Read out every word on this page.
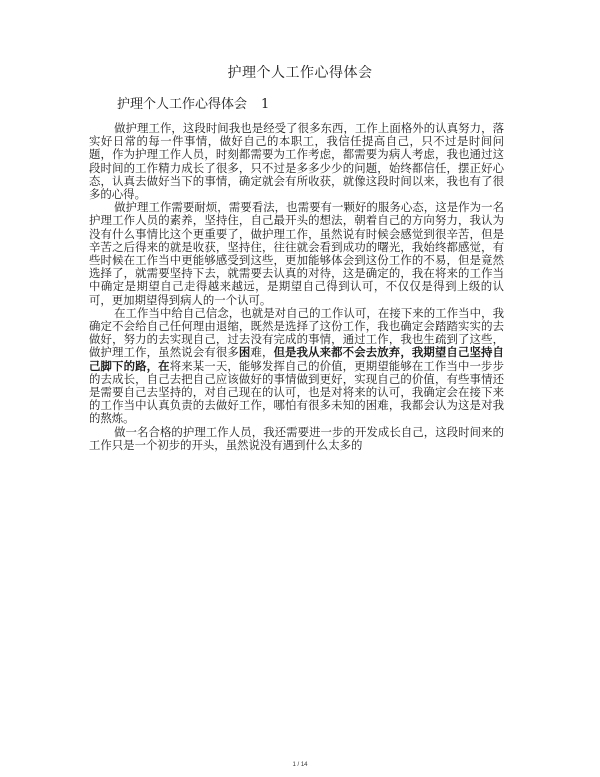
护理个人工作心得体会
护理个人工作心得体会 1

做护理工作，这段时间我也是经受了很多东西，工作上面格外的认真努力，落实好日常的每一件事情，做好自己的本职工，我信任提高自己，只不过是时间问题，作为护理工作人员，时刻都需要为工作考虑，都需要为病人考虑，我也通过这段时间的工作精力成长了很多，只不过是多多少少的问题，始终都信任，摆正好心态，认真去做好当下的事情，确定就会有所收获，就像这段时间以来，我也有了很多的心得。

做护理工作需要耐烦，需要看法，也需要有一颗好的服务心态，这是作为一名护理工作人员的素养，坚持住，自己最开头的想法，朝着自己的方向努力，我认为没有什么事情比这个更重要了，做护理工作，虽然说有时候会感觉到很辛苦，但是辛苦之后得来的就是收获，坚持住，往往就会看到成功的曙光，我始终都感觉，有些时候在工作当中更能够感受到这些，更加能够体会到这份工作的不易，但是竟然选择了，就需要坚持下去，就需要去认真的对待，这是确定的，我在将来的工作当中确定是期望自己走得越来越远，是期望自己得到认可，不仅仅是得到上级的认可，更加期望得到病人的一个认可。

在工作当中给自己信念，也就是对自己的工作认可，在接下来的工作当中，我确定不会给自己任何理由退缩，既然是选择了这份工作，我也确定会踏踏实实的去做好，努力的去实现自己，过去没有完成的事情，通过工作，我也生疏到了这些，做护理工作，虽然说会有很多困难，但是我从来都不会去放弃，我期望自己坚持自己脚下的路，在将来某一天，能够发挥自己的价值，更期望能够在工作当中一步步的去成长，自己去把自己应该做好的事情做到更好，实现自己的价值，有些事情还是需要自己去坚持的，对自己现在的认可，也是对将来的认可，我确定会在接下来的工作当中认真负责的去做好工作，哪怕有很多未知的困难，我都会认为这是对我的熬炼。

做一名合格的护理工作人员，我还需要进一步的开发成长自己，这段时间来的工作只是一个初步的开头，虽然说没有遇到什么太多的

1 / 14
